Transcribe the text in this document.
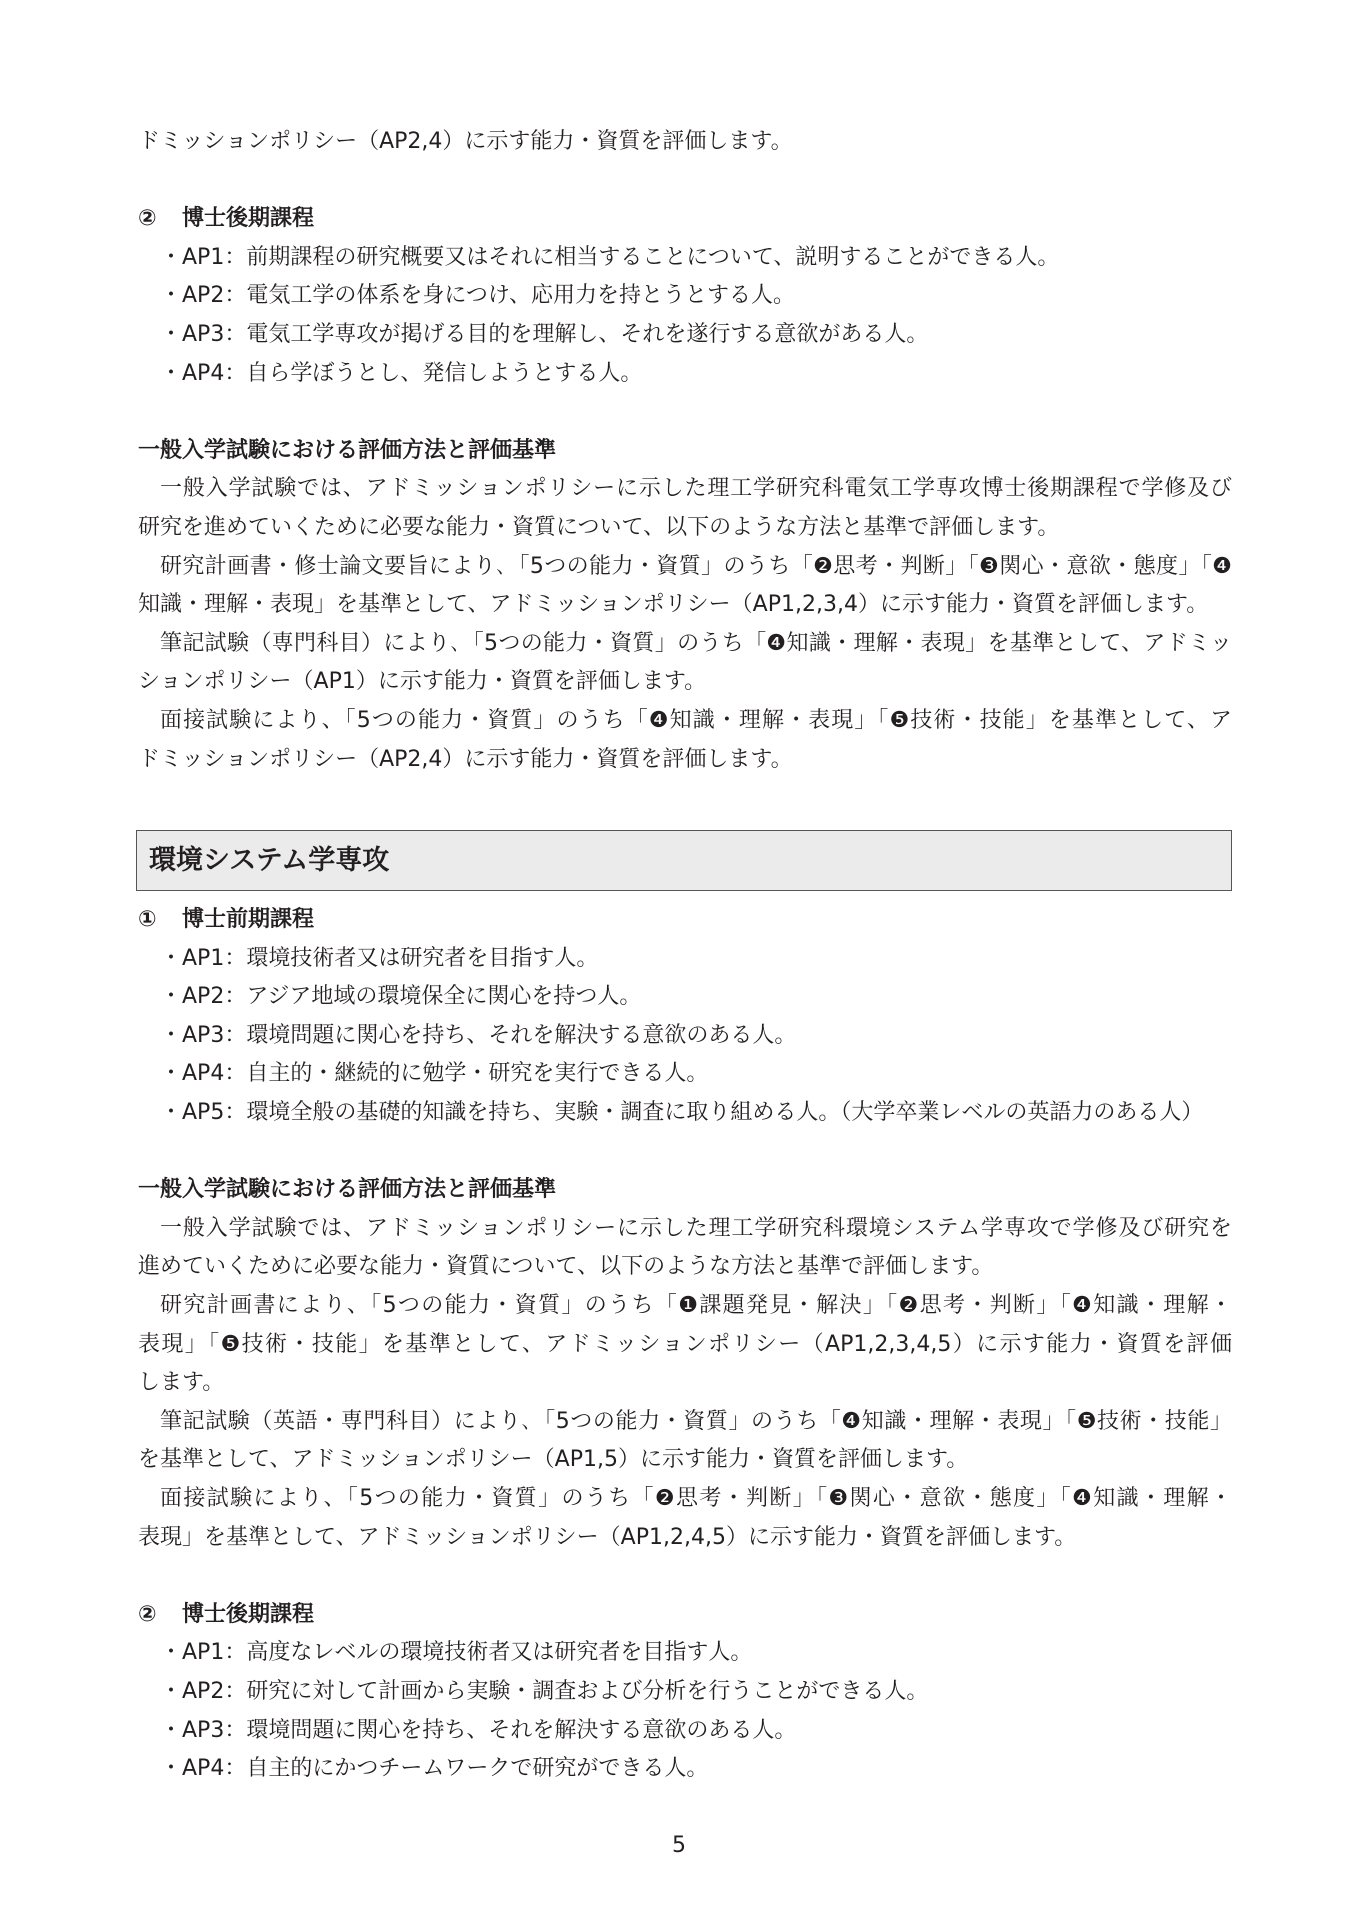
ドミッションポリシー（AP2,4）に示す能力・資質を評価します。
② 博士後期課程
・AP1：前期課程の研究概要又はそれに相当することについて、説明することができる人。
・AP2：電気工学の体系を身につけ、応用力を持とうとする人。
・AP3：電気工学専攻が掲げる目的を理解し、それを遂行する意欲がある人。
・AP4：自ら学ぼうとし、発信しようとする人。
一般入学試験における評価方法と評価基準
一般入学試験では、アドミッションポリシーに示した理工学研究科電気工学専攻博士後期課程で学修及び
研究を進めていくために必要な能力・資質について、以下のような方法と基準で評価します。
研究計画書・修士論文要旨により､「5つの能力・資質」のうち「❷思考・判断」「❸関心・意欲・態度」「❹
知識・理解・表現」を基準として、アドミッションポリシー（AP1,2,3,4）に示す能力・資質を評価します。
筆記試験（専門科目）により､「5つの能力・資質」のうち「❹知識・理解・表現」を基準として、アドミッ
ションポリシー（AP1）に示す能力・資質を評価します。
面接試験により、「5つの能力・資質」のうち「❹知識・理解・表現」「❺技術・技能」を基準として、ア
ドミッションポリシー（AP2,4）に示す能力・資質を評価します。
環境システム学専攻
① 博士前期課程
・AP1：環境技術者又は研究者を目指す人。
・AP2：アジア地域の環境保全に関心を持つ人。
・AP3：環境問題に関心を持ち、それを解決する意欲のある人。
・AP4：自主的・継続的に勉学・研究を実行できる人。
・AP5：環境全般の基礎的知識を持ち、実験・調査に取り組める人。（大学卒業レベルの英語力のある人）
一般入学試験における評価方法と評価基準
一般入学試験では、アドミッションポリシーに示した理工学研究科環境システム学専攻で学修及び研究を
進めていくために必要な能力・資質について、以下のような方法と基準で評価します。
研究計画書により、「5つの能力・資質」のうち「❶課題発見・解決」「❷思考・判断」「❹知識・理解・
表現」「❺技術・技能」を基準として、アドミッションポリシー（AP1,2,3,4,5）に示す能力・資質を評価
します。
筆記試験（英語・専門科目）により､「5つの能力・資質」のうち「❹知識・理解・表現」「❺技術・技能」
を基準として、アドミッションポリシー（AP1,5）に示す能力・資質を評価します。
面接試験により、「5つの能力・資質」のうち「❷思考・判断」「❸関心・意欲・態度」「❹知識・理解・
表現」を基準として、アドミッションポリシー（AP1,2,4,5）に示す能力・資質を評価します。
② 博士後期課程
・AP1：高度なレベルの環境技術者又は研究者を目指す人。
・AP2：研究に対して計画から実験・調査および分析を行うことができる人。
・AP3：環境問題に関心を持ち、それを解決する意欲のある人。
・AP4：自主的にかつチームワークで研究ができる人。
5
